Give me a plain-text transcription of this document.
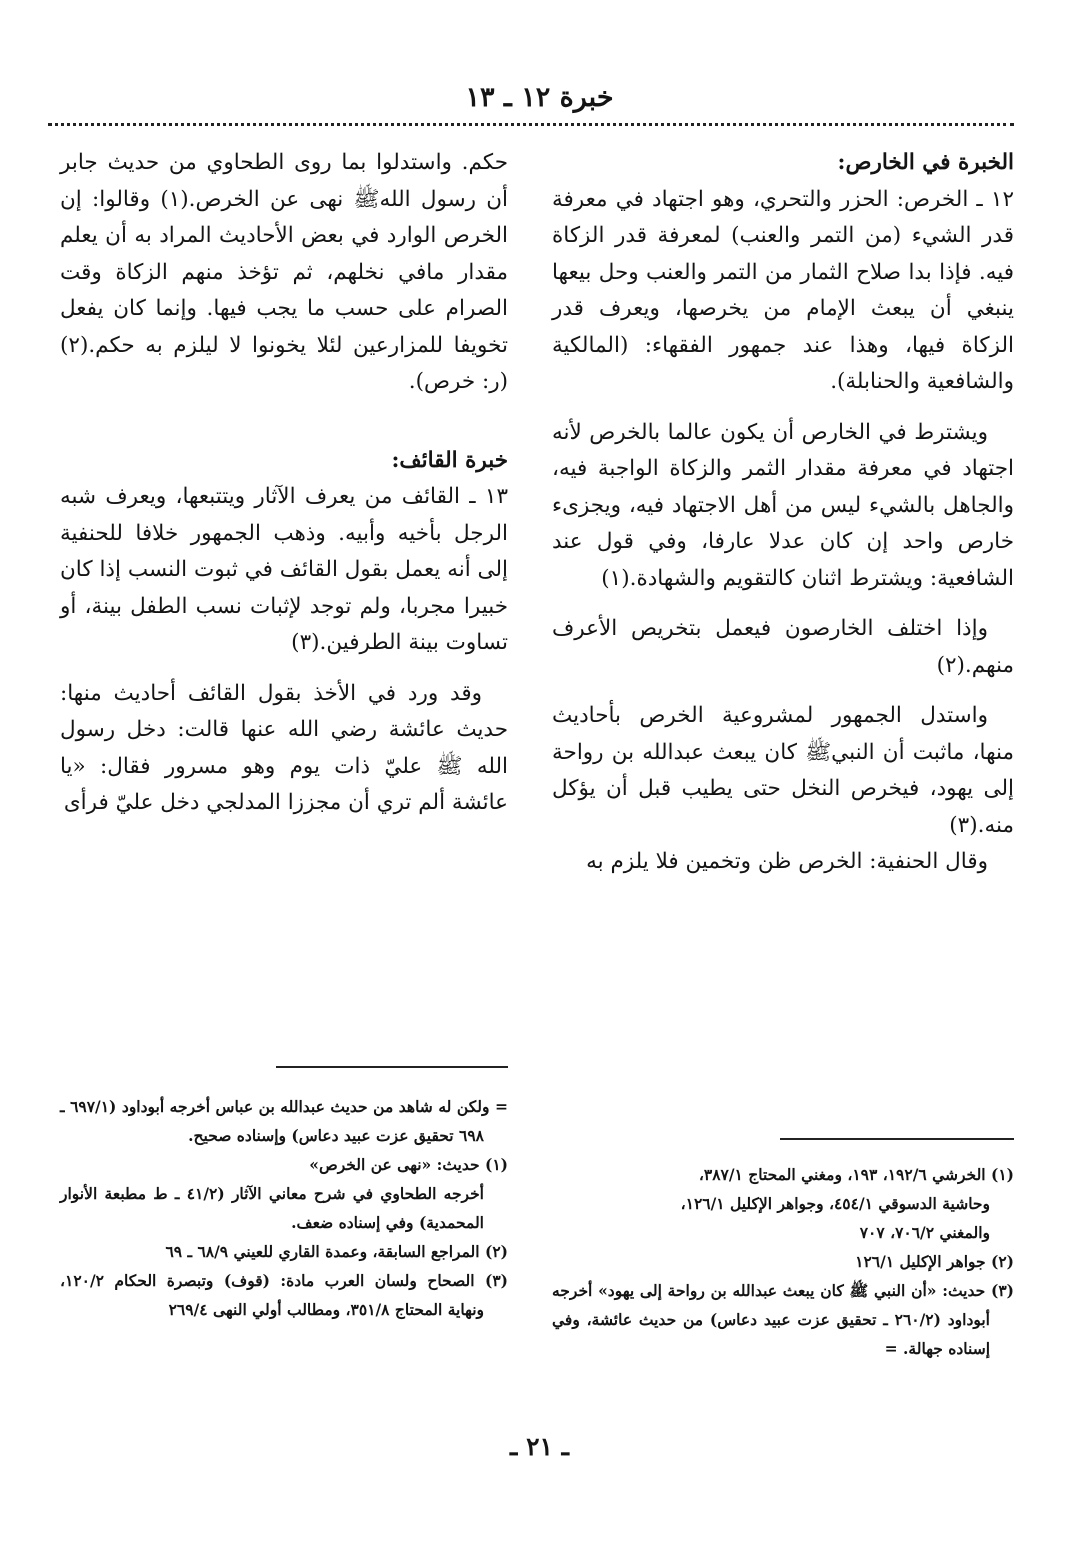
خبرة ١٢ ـ ١٣

الخبرة في الخارص:

١٢ ـ الخرص: الحزر والتحري، وهو اجتهاد في معرفة قدر الشيء (من التمر والعنب) لمعرفة قدر الزكاة فيه. فإذا بدا صلاح الثمار من التمر والعنب وحل بيعها ينبغي أن يبعث الإمام من يخرصها، ويعرف قدر الزكاة فيها، وهذا عند جمهور الفقهاء: (المالكية والشافعية والحنابلة).

ويشترط في الخارص أن يكون عالما بالخرص لأنه اجتهاد في معرفة مقدار الثمر والزكاة الواجبة فيه، والجاهل بالشيء ليس من أهل الاجتهاد فيه، ويجزىء خارص واحد إن كان عدلا عارفا، وفي قول عند الشافعية: ويشترط اثنان كالتقويم والشهادة.(١)

وإذا اختلف الخارصون فيعمل بتخريص الأعرف منهم.(٢)

واستدل الجمهور لمشروعية الخرص بأحاديث منها، ماثبت أن النبيﷺ كان يبعث عبدالله بن رواحة إلى يهود، فيخرص النخل حتى يطيب قبل أن يؤكل منه.(٣)

وقال الحنفية: الخرص ظن وتخمين فلا يلزم به

حكم. واستدلوا بما روى الطحاوي من حديث جابر أن رسول اللهﷺ نهى عن الخرص.(١) وقالوا: إن الخرص الوارد في بعض الأحاديث المراد به أن يعلم مقدار مافي نخلهم، ثم تؤخذ منهم الزكاة وقت الصرام على حسب ما يجب فيها. وإنما كان يفعل تخويفا للمزارعين لئلا يخونوا لا ليلزم به حكم.(٢) (ر: خرص).

خبرة القائف:

١٣ ـ القائف من يعرف الآثار ويتتبعها، ويعرف شبه الرجل بأخيه وأبيه. وذهب الجمهور خلافا للحنفية إلى أنه يعمل بقول القائف في ثبوت النسب إذا كان خبيرا مجربا، ولم توجد لإثبات نسب الطفل بينة، أو تساوت بينة الطرفين.(٣)

وقد ورد في الأخذ بقول القائف أحاديث منها: حديث عائشة رضي الله عنها قالت: دخل رسول الله ﷺ عليّ ذات يوم وهو مسرور فقال: «يا عائشة ألم تري أن مجززا المدلجي دخل عليّ فرأى

(١) الخرشي ١٩٢/٦، ١٩٣، ومغني المحتاج ٣٨٧/١،

وحاشية الدسوقي ٤٥٤/١، وجواهر الإكليل ١٢٦/١،

والمغني ٧٠٦/٢، ٧٠٧

(٢) جواهر الإكليل ١٢٦/١

(٣) حديث: «أن النبي ﷺ كان يبعث عبدالله بن رواحة إلى يهود» أخرجه أبوداود (٢٦٠/٢ ـ تحقيق عزت عبيد دعاس) من حديث عائشة، وفي إسناده جهالة. =

= ولكن له شاهد من حديث عبدالله بن عباس أخرجه أبوداود (٦٩٧/١ ـ ٦٩٨ تحقيق عزت عبيد دعاس) وإسناده صحيح.

(١) حديث: «نهى عن الخرص»

أخرجه الطحاوي في شرح معاني الآثار (٤١/٢ ـ ط مطبعة الأنوار المحمدية) وفي إسناده ضعف.

(٢) المراجع السابقة، وعمدة القاري للعيني ٦٨/٩ ـ ٦٩

(٣) الصحاح ولسان العرب مادة: (قوف) وتبصرة الحكام ١٢٠/٢، ونهاية المحتاج ٣٥١/٨، ومطالب أولي النهى ٢٦٩/٤

ـ ٢١ ـ
